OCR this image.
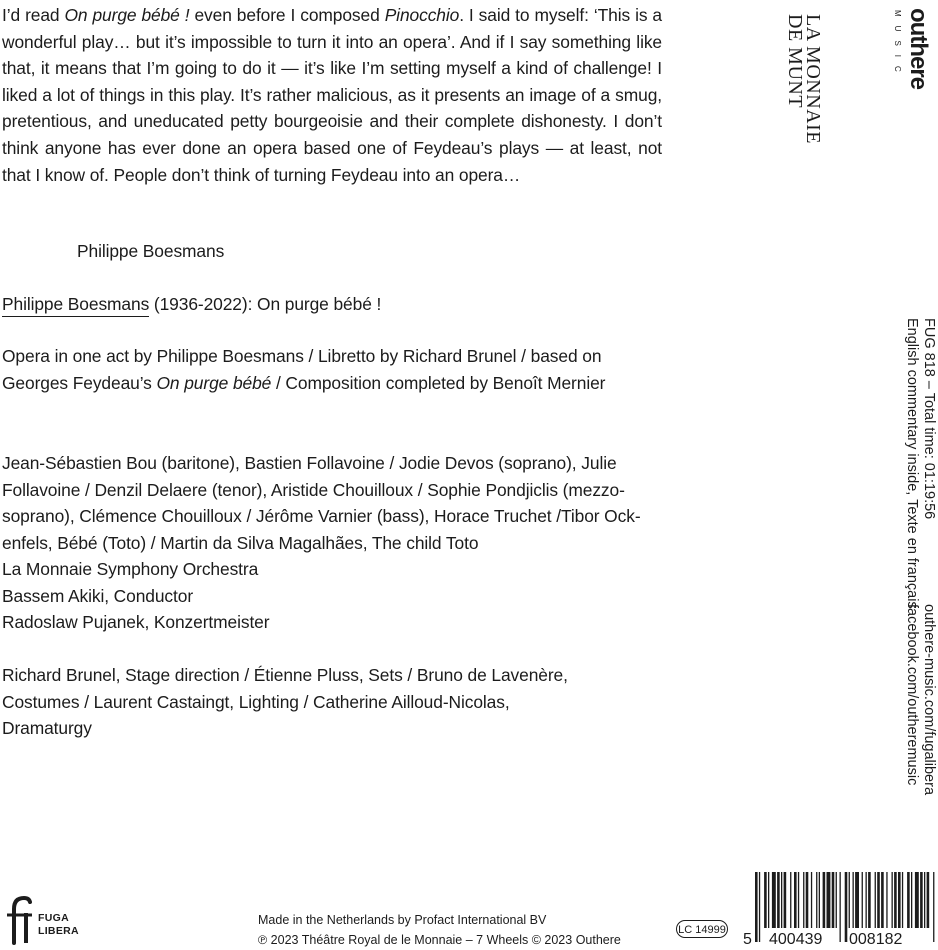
I’d read On purge bébé ! even before I composed Pinocchio. I said to myself: ‘This is a wonderful play… but it’s impossible to turn it into an opera’. And if I say something like that, it means that I’m going to do it — it’s like I’m setting myself a kind of challenge! I liked a lot of things in this play. It’s rather malicious, as it presents an image of a smug, pretentious, and uneducated petty bourgeoisie and their complete dishonesty. I don’t think anyone has ever done an opera based one of Feydeau’s plays — at least, not that I know of. People don’t think of turning Feydeau into an opera…
Philippe Boesmans
Philippe Boesmans (1936-2022): On purge bébé !
Opera in one act by Philippe Boesmans / Libretto by Richard Brunel / based on Georges Feydeau’s On purge bébé / Composition completed by Benoît Mernier
Jean-Sébastien Bou (baritone), Bastien Follavoine / Jodie Devos (soprano), Julie Follavoine / Denzil Delaere (tenor), Aristide Chouilloux / Sophie Pondjiclis (mezzo-soprano), Clémence Chouilloux / Jérôme Varnier (bass), Horace Truchet /Tibor Ockenfels, Bébé (Toto) / Martin da Silva Magalhães, The child Toto

La Monnaie Symphony Orchestra

Bassem Akiki, Conductor

Radoslaw Pujanek, Konzertmeister

Richard Brunel, Stage direction / Étienne Pluss, Sets / Bruno de Lavenère, Costumes / Laurent Castaingt, Lighting / Catherine Ailloud-Nicolas, Dramaturgy
LA MONNAIE
DE MUNT	outhere
MUSIC
FUG 818 – Total time: 01:19:56
English commentary inside, Texte en français
outhere-music.com/fugalibera
facebook.com/outheremusic
FUGA
LIBERA
Made in the Netherlands by Profact International BV
℗ 2023 Théâtre Royal de le Monnaie – 7 Wheels © 2023 Outhere
LC 14999
5 400439 008182
